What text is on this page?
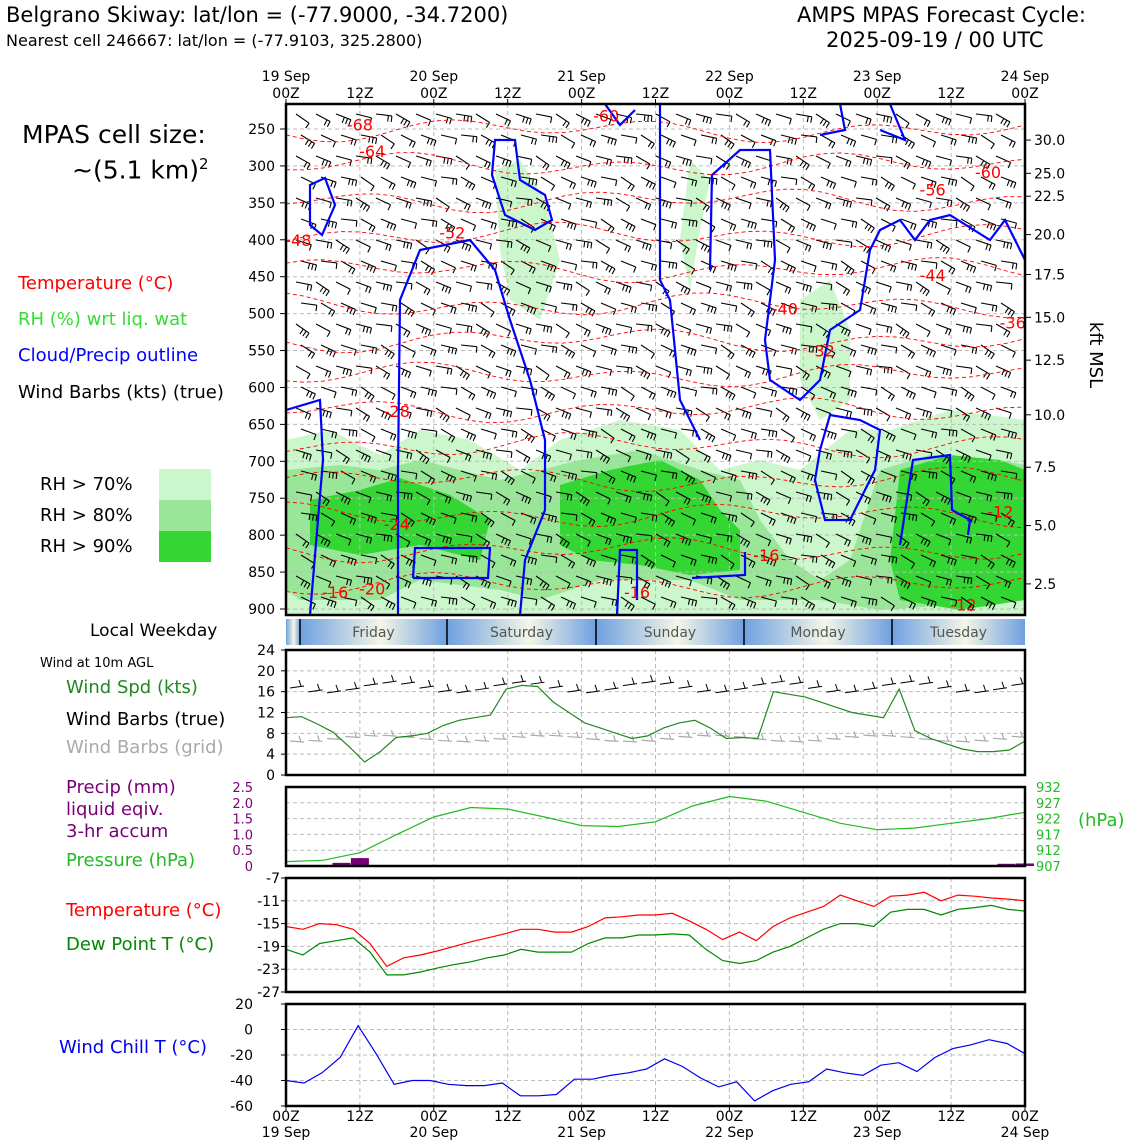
Belgrano Skiway: lat/lon = (-77.9000, -34.7200)
Nearest cell 246667: lat/lon = (-77.9103, 325.2800)
AMPS MPAS Forecast Cycle:
2025-09-19 / 00 UTC
MPAS cell size:
~(5.1 km)$^2$
Temperature (°C)
RH (%) wrt liq. wat
Cloud/Precip outline
Wind Barbs (kts) (true)
RH > 70%
RH > 80%
RH > 90%
Local Weekday
Wind at 10m AGL
Wind Spd (kts)
Wind Barbs (true)
Wind Barbs (grid)
Precip (mm)
liquid eqiv.
3-hr accum
Pressure (hPa)
(hPa)
Temperature (°C)
Dew Point T (°C)
Wind Chill T (°C)
-48
-64
-68
-52
-60
-40
-32
-56
-60
-44
-36
-28
-24
-16 -20	-16
-16
-12
-12
250
300
350
400
450
500
550
600
650
700
750
800
850
900
30.0
25.0
22.5
20.0
17.5
15.0
12.5
10.0
7.5
5.0
2.5
kft MSL
00Z	12Z	00Z	12Z	00Z	12Z	00Z	12Z	00Z	12Z	00Z
19 Sep	20 Sep	21 Sep	22 Sep	23 Sep	24 Sep
Friday	Saturday	Sunday	Monday	Tuesday
0
4
8
12
16
20
24
0
0.5
1.0
1.5
2.0
2.5
907
912
917
922
927
932
-27
-23
-19
-15
-11
-7
-60
-40
-20
0
20
00Z	12Z	00Z	12Z	00Z	12Z	00Z	12Z	00Z	12Z	00Z
19 Sep	20 Sep	21 Sep	22 Sep	23 Sep	24 Sep
